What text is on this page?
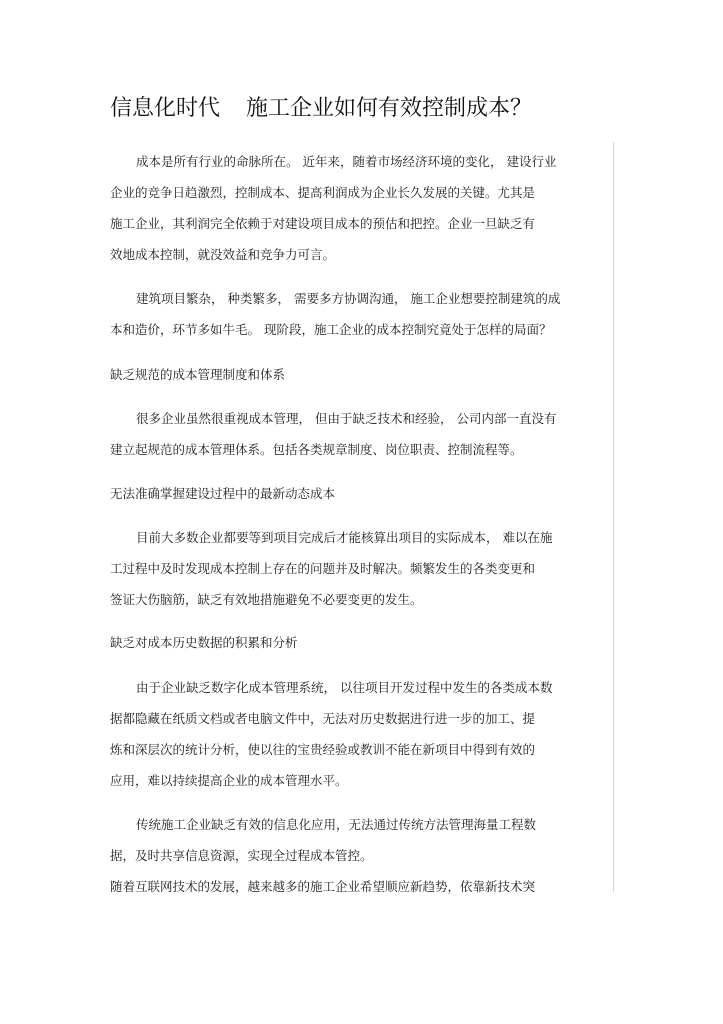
信息化时代 施工企业如何有效控制成本？
成本是所有行业的命脉所在。 近年来，随着市场经济环境的变化， 建设行业
企业的竞争日趋激烈，控制成本、提高利润成为企业长久发展的关键。尤其是
施工企业，其利润完全依赖于对建设项目成本的预估和把控。企业一旦缺乏有
效地成本控制，就没效益和竞争力可言。
建筑项目繁杂， 种类繁多， 需要多方协调沟通， 施工企业想要控制建筑的成
本和造价，环节多如牛毛。 现阶段，施工企业的成本控制究竟处于怎样的局面？
缺乏规范的成本管理制度和体系
很多企业虽然很重视成本管理， 但由于缺乏技术和经验， 公司内部一直没有
建立起规范的成本管理体系。包括各类规章制度、岗位职责、控制流程等。
无法准确掌握建设过程中的最新动态成本
目前大多数企业都要等到项目完成后才能核算出项目的实际成本， 难以在施
工过程中及时发现成本控制上存在的问题并及时解决。频繁发生的各类变更和
签证大伤脑筋，缺乏有效地措施避免不必要变更的发生。
缺乏对成本历史数据的积累和分析
由于企业缺乏数字化成本管理系统， 以往项目开发过程中发生的各类成本数
据都隐藏在纸质文档或者电脑文件中，无法对历史数据进行进一步的加工、提
炼和深层次的统计分析，使以往的宝贵经验或教训不能在新项目中得到有效的
应用，难以持续提高企业的成本管理水平。
传统施工企业缺乏有效的信息化应用，无法通过传统方法管理海量工程数
据，及时共享信息资源，实现全过程成本管控。
随着互联网技术的发展，越来越多的施工企业希望顺应新趋势，依靠新技术突
